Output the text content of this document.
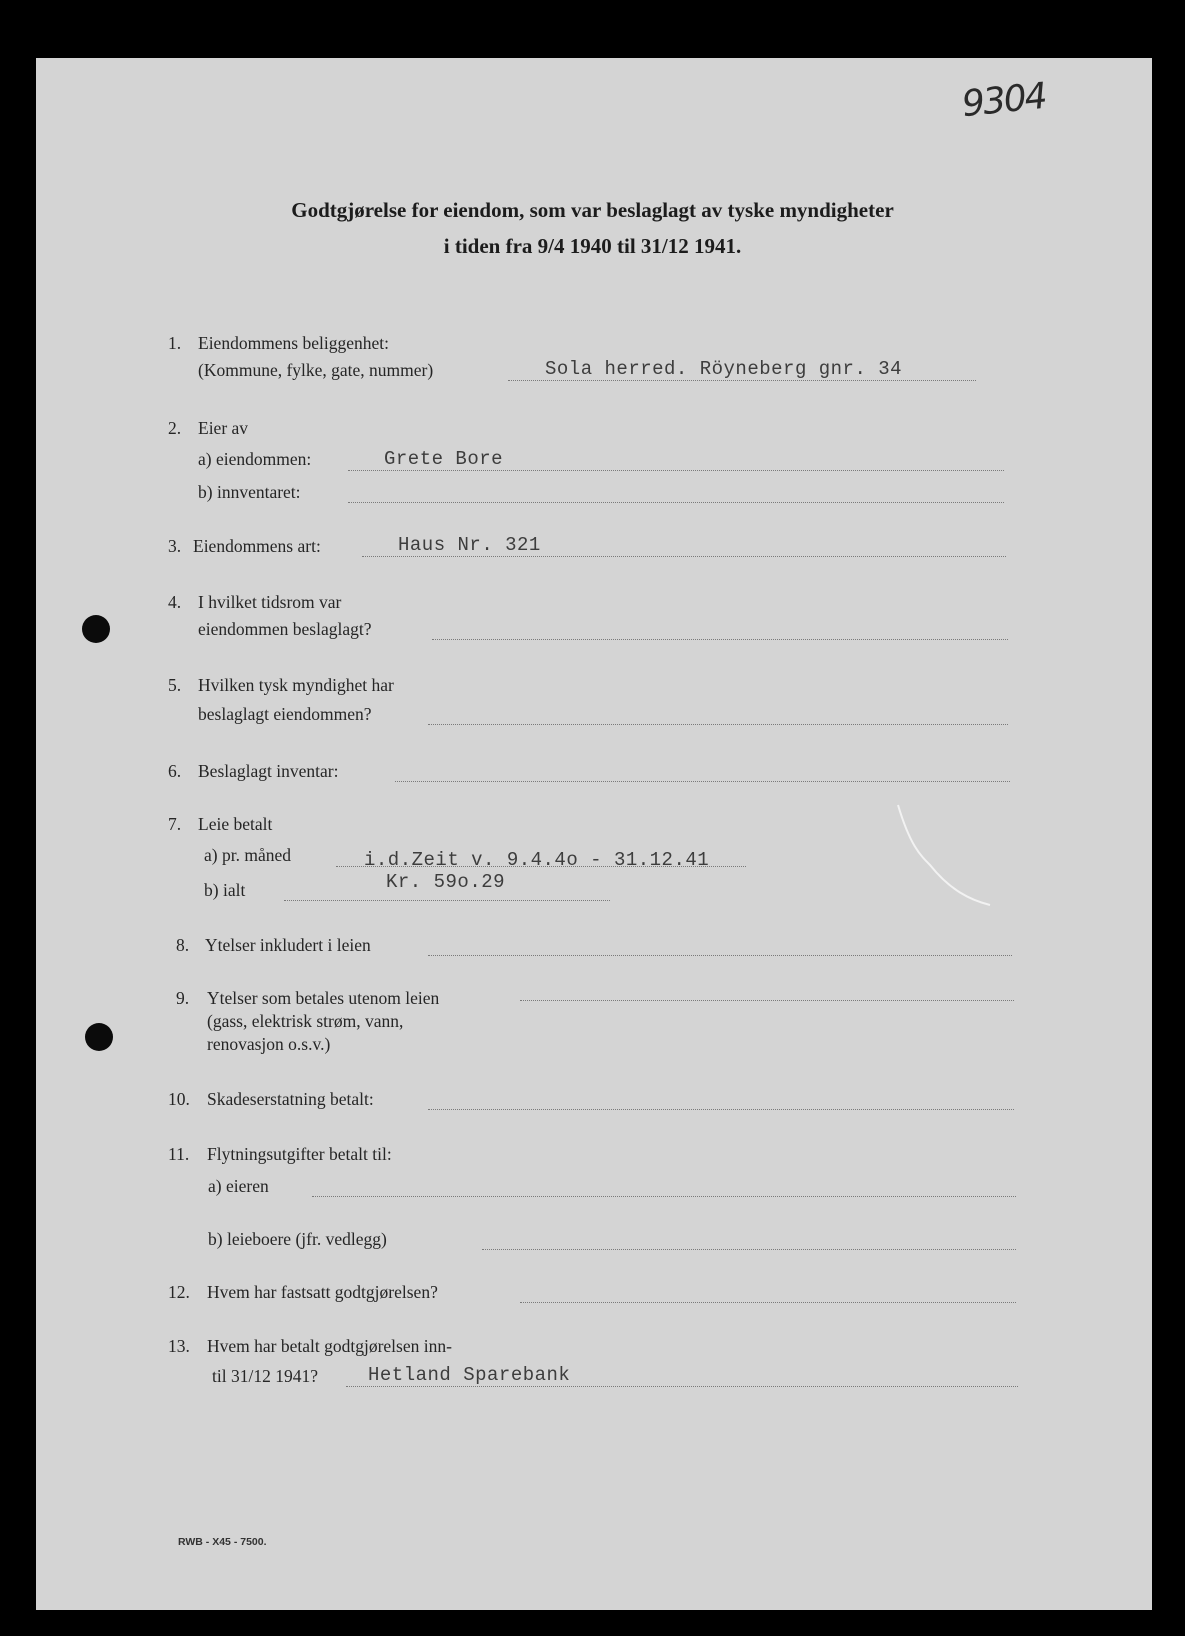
9304
Godtgjørelse for eiendom, som var beslaglagt av tyske myndigheter
i tiden fra 9/4 1940 til 31/12 1941.
1. Eiendommens beliggenhet:
(Kommune, fylke, gate, nummer)	Sola herred. Röyneberg gnr. 34
2. Eier av
a) eiendommen:	Grete Bore
b) innventaret:
3. Eiendommens art:	Haus Nr. 321
4. I hvilket tidsrom var
eiendommen beslaglagt?
5. Hvilken tysk myndighet har
beslaglagt eiendommen?
6. Beslaglagt inventar:
7. Leie betalt
a) pr. måned	i.d.Zeit v. 9.4.4o - 31.12.41
b) ialt	Kr. 59o.29
8. Ytelser inkludert i leien
9. Ytelser som betales utenom leien
(gass, elektrisk strøm, vann,
renovasjon o.s.v.)
10. Skadeserstatning betalt:
11. Flytningsutgifter betalt til:
a) eieren
b) leieboere (jfr. vedlegg)
12. Hvem har fastsatt godtgjørelsen?
13. Hvem har betalt godtgjørelsen inn-
til 31/12 1941?	Hetland Sparebank
RWB - X45 - 7500.
